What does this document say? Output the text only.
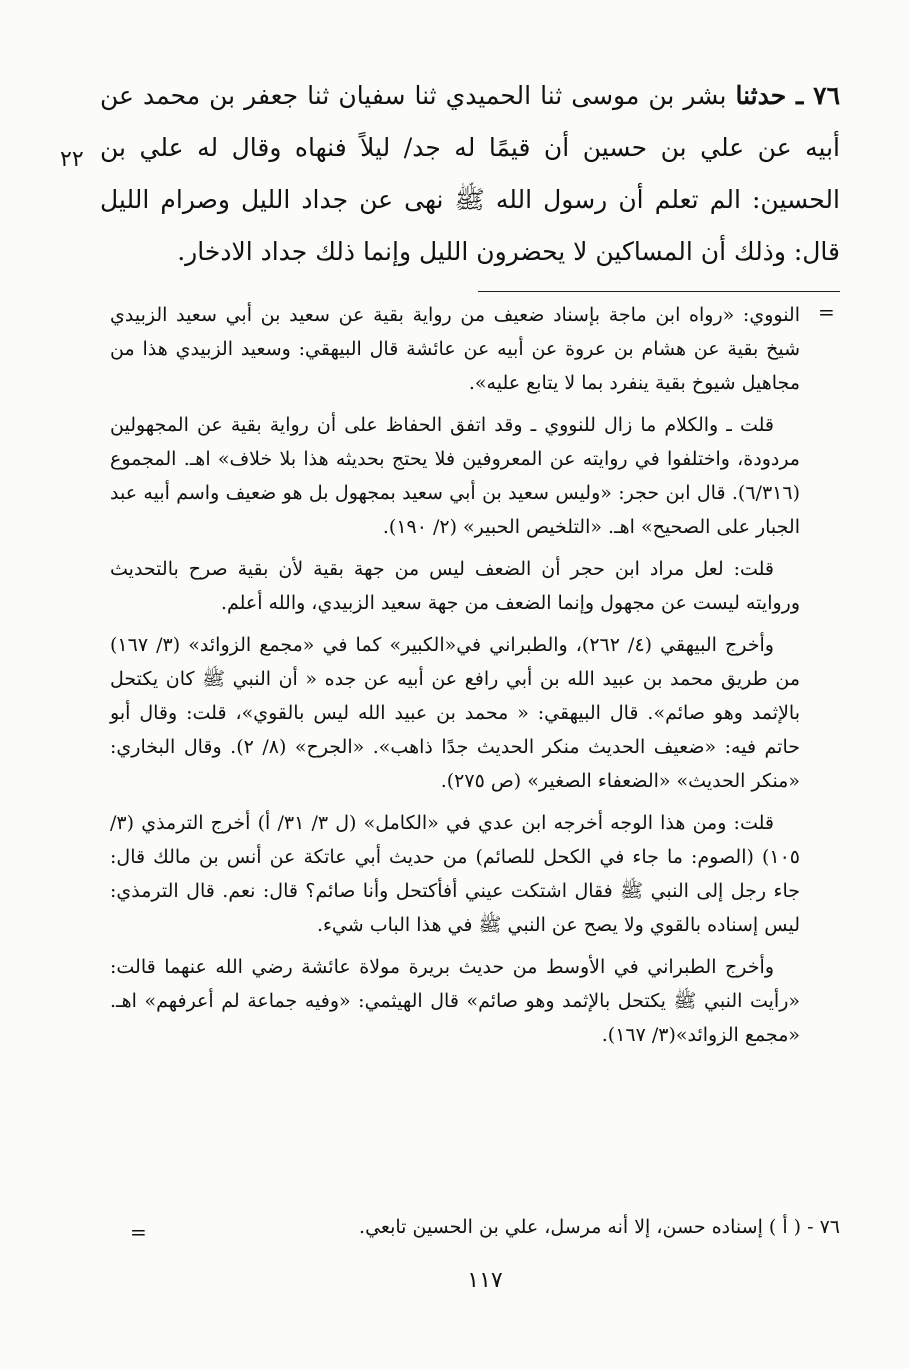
٧٦ ـ حدثنا بشر بن موسى ثنا الحميدي ثنا سفيان ثنا جعفر بن محمد عن أبيه عن علي بن حسين أن قيمًا له جد/ ليلاً فنهاه وقال له علي بن الحسين: الم تعلم أن رسول الله ﷺ نهى عن جداد الليل وصرام الليل قال: وذلك أن المساكين لا يحضرون الليل وإنما ذلك جداد الادخار.

٢٢
=

النووي: «رواه ابن ماجة بإسناد ضعيف من رواية بقية عن سعيد بن أبي سعيد الزبيدي شيخ بقية عن هشام بن عروة عن أبيه عن عائشة قال البيهقي: وسعيد الزبيدي هذا من مجاهيل شيوخ بقية ينفرد بما لا يتابع عليه».

قلت ـ والكلام ما زال للنووي ـ وقد اتفق الحفاظ على أن رواية بقية عن المجهولين مردودة، واختلفوا في روايته عن المعروفين فلا يحتج بحديثه هذا بلا خلاف» اهـ. المجموع (٦/٣١٦). قال ابن حجر: «وليس سعيد بن أبي سعيد بمجهول بل هو ضعيف واسم أبيه عبد الجبار على الصحيح» اهـ. «التلخيص الحبير» (٢/ ١٩٠).

قلت: لعل مراد ابن حجر أن الضعف ليس من جهة بقية لأن بقية صرح بالتحديث وروايته ليست عن مجهول وإنما الضعف من جهة سعيد الزبيدي، والله أعلم.

وأخرج البيهقي (٤/ ٢٦٢)، والطبراني في«الكبير» كما في «مجمع الزوائد» (٣/ ١٦٧) من طريق محمد بن عبيد الله بن أبي رافع عن أبيه عن جده « أن النبي ﷺ كان يكتحل بالإثمد وهو صائم». قال البيهقي: « محمد بن عبيد الله ليس بالقوي»، قلت: وقال أبو حاتم فيه: «ضعيف الحديث منكر الحديث جدًا ذاهب». «الجرح» (٨/ ٢). وقال البخاري: «منكر الحديث» «الضعفاء الصغير» (ص ٢٧٥).

قلت: ومن هذا الوجه أخرجه ابن عدي في «الكامل» (ل ٣/ ٣١/ أ) أخرج الترمذي (٣/ ١٠٥) (الصوم: ما جاء في الكحل للصائم) من حديث أبي عاتكة عن أنس بن مالك قال: جاء رجل إلى النبي ﷺ فقال اشتكت عيني أفأكتحل وأنا صائم؟ قال: نعم. قال الترمذي: ليس إسناده بالقوي ولا يصح عن النبي ﷺ في هذا الباب شيء.

وأخرج الطبراني في الأوسط من حديث بريرة مولاة عائشة رضي الله عنهما قالت: «رأيت النبي ﷺ يكتحل بالإثمد وهو صائم» قال الهيثمي: «وفيه جماعة لم أعرفهم» اهـ. «مجمع الزوائد»(٣/ ١٦٧).

٧٦ - ( أ ) إسناده حسن، إلا أنه مرسل، علي بن الحسين تابعي.
=
١١٧
